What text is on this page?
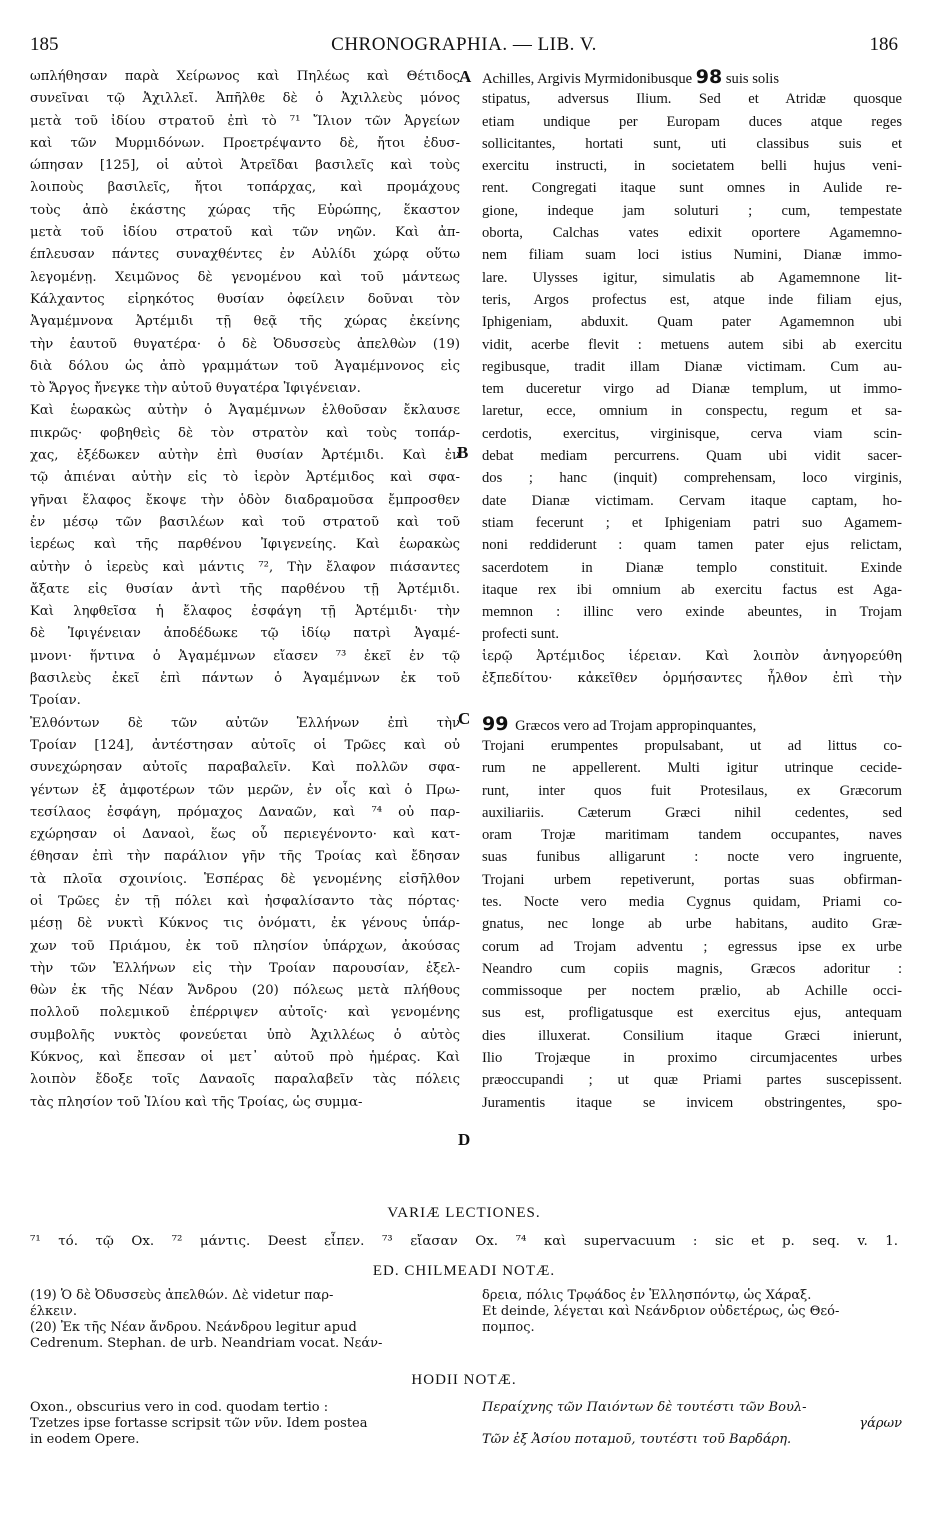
185	CHRONOGRAPHIA. — LIB. V.	186
ωπλήθησαν παρὰ Χείρωνος καὶ Πηλέως καὶ Θέτιδος
συνεῖναι τῷ Ἀχιλλεῖ. Ἀπῆλθε δὲ ὁ Ἀχιλλεὺς μόνος
μετὰ τοῦ ἰδίου στρατοῦ ἐπὶ τὸ ⁷¹ Ἴλιον τῶν Ἀργείων
καὶ τῶν Μυρμιδόνων. Προετρέψαντο δὲ, ἤτοι ἐδυσ-
ώπησαν [125], οἱ αὐτοὶ Ἀτρεῖδαι βασιλεῖς καὶ τοὺς
λοιποὺς βασιλεῖς, ἤτοι τοπάρχας, καὶ προμάχους
τοὺς ἀπὸ ἑκάστης χώρας τῆς Εὐρώπης, ἕκαστον
μετὰ τοῦ ἰδίου στρατοῦ καὶ τῶν νηῶν. Καὶ ἀπ-
έπλευσαν πάντες συναχθέντες ἐν Αὐλίδι χώρᾳ οὕτω
λεγομένῃ. Χειμῶνος δὲ γενομένου καὶ τοῦ μάντεως
Κάλχαντος εἰρηκότος θυσίαν ὀφείλειν δοῦναι τὸν
Ἀγαμέμνονα Ἀρτέμιδι τῇ θεᾷ τῆς χώρας ἐκείνης
τὴν ἑαυτοῦ θυγατέρα· ὁ δὲ Ὀδυσσεὺς ἀπελθὼν (19)
διὰ δόλου ὡς ἀπὸ γραμμάτων τοῦ Ἀγαμέμνονος εἰς
τὸ Ἄργος ἤνεγκε τὴν αὐτοῦ θυγατέρα Ἰφιγένειαν.
Καὶ ἑωρακὼς αὐτὴν ὁ Ἀγαμέμνων ἐλθοῦσαν ἔκλαυσε
πικρῶς· φοβηθεὶς δὲ τὸν στρατὸν καὶ τοὺς τοπάρ-
χας, ἐξέδωκεν αὐτὴν ἐπὶ θυσίαν Ἀρτέμιδι. Καὶ ἐν
τῷ ἀπιέναι αὐτὴν εἰς τὸ ἱερὸν Ἀρτέμιδος καὶ σφα-
γῆναι ἔλαφος ἔκοψε τὴν ὁδὸν διαδραμοῦσα ἔμπροσθεν
ἐν μέσῳ τῶν βασιλέων καὶ τοῦ στρατοῦ καὶ τοῦ
ἱερέως καὶ τῆς παρθένου Ἰφιγενείης. Καὶ ἑωρακὼς
αὐτὴν ὁ ἱερεὺς καὶ μάντις ⁷², Τὴν ἔλαφον πιάσαντες
ἄξατε εἰς θυσίαν ἀντὶ τῆς παρθένου τῇ Ἀρτέμιδι.
Καὶ ληφθεῖσα ἡ ἔλαφος ἐσφάγη τῇ Ἀρτέμιδι· τὴν
δὲ Ἰφιγένειαν ἀποδέδωκε τῷ ἰδίῳ πατρὶ Ἀγαμέ-
μνονι· ἥντινα ὁ Ἀγαμέμνων εἴασεν ⁷³ ἐκεῖ ἐν τῷ
βασιλεὺς ἐκεῖ ἐπὶ πάντων ὁ Ἀγαμέμνων ἐκ τοῦ
Τροίαν.
Ἐλθόντων δὲ τῶν αὐτῶν Ἑλλήνων ἐπὶ τὴν
Τροίαν [124], ἀντέστησαν αὐτοῖς οἱ Τρῶες καὶ οὐ
συνεχώρησαν αὐτοῖς παραβαλεῖν. Καὶ πολλῶν σφα-
γέντων ἐξ ἀμφοτέρων τῶν μερῶν, ἐν οἷς καὶ ὁ Πρω-
τεσίλαος ἐσφάγη, πρόμαχος Δαναῶν, καὶ ⁷⁴ οὐ παρ-
εχώρησαν οἱ Δαναοὶ, ἕως οὗ περιεγένοντο· καὶ κατ-
έθησαν ἐπὶ τὴν παράλιον γῆν τῆς Τροίας καὶ ἔδησαν
τὰ πλοῖα σχοινίοις. Ἑσπέρας δὲ γενομένης εἰσῆλθον
οἱ Τρῶες ἐν τῇ πόλει καὶ ἠσφαλίσαντο τὰς πόρτας·
μέσῃ δὲ νυκτὶ Κύκνος τις ὀνόματι, ἐκ γένους ὑπάρ-
χων τοῦ Πριάμου, ἐκ τοῦ πλησίον ὑπάρχων, ἀκούσας
τὴν τῶν Ἑλλήνων εἰς τὴν Τροίαν παρουσίαν, ἐξελ-
θὼν ἐκ τῆς Νέαν Ἄνδρου (20) πόλεως μετὰ πλήθους
πολλοῦ πολεμικοῦ ἐπέρριψεν αὐτοῖς· καὶ γενομένης
συμβολῆς νυκτὸς φονεύεται ὑπὸ Ἀχιλλέως ὁ αὐτὸς
Κύκνος, καὶ ἔπεσαν οἱ μετ᾽ αὐτοῦ πρὸ ἡμέρας. Καὶ
λοιπὸν ἔδοξε τοῖς Δαναοῖς παραλαβεῖν τὰς πόλεις
τὰς πλησίον τοῦ Ἰλίου καὶ τῆς Τροίας, ὡς συμμα-
Achilles, Argivis Myrmidonibusque 98 suis solis
stipatus, adversus Ilium. Sed et Atridæ quosque
etiam undique per Europam duces atque reges
sollicitantes, hortati sunt, uti classibus suis et
exercitu instructi, in societatem belli hujus veni-
rent. Congregati itaque sunt omnes in Aulide re-
gione, indeque jam soluturi ; cum, tempestate
oborta, Calchas vates edixit oportere Agamemno-
nem filiam suam loci istius Numini, Dianæ immo-
lare. Ulysses igitur, simulatis ab Agamemnone lit-
teris, Argos profectus est, atque inde filiam ejus,
Iphigeniam, abduxit. Quam pater Agamemnon ubi
vidit, acerbe flevit : metuens autem sibi ab exercitu
regibusque, tradit illam Dianæ victimam. Cum au-
tem duceretur virgo ad Dianæ templum, ut immo-
laretur, ecce, omnium in conspectu, regum et sa-
cerdotis, exercitus, virginisque, cerva viam scin-
debat mediam percurrens. Quam ubi vidit sacer-
dos ; hanc (inquit) comprehensam, loco virginis,
date Dianæ victimam. Cervam itaque captam, ho-
stiam fecerunt ; et Iphigeniam patri suo Agamem-
noni reddiderunt : quam tamen pater ejus relictam,
sacerdotem in Dianæ templo constituit. Exinde
itaque rex ibi omnium ab exercitu factus est Aga-
memnon : illinc vero exinde abeuntes, in Trojam
profecti sunt.
ἱερῷ Ἀρτέμιδος ἱέρειαν. Καὶ λοιπὸν ἀνηγορεύθη
ἐξπεδίτου· κἀκεῖθεν ὁρμήσαντες ἦλθον ἐπὶ τὴν
99 Græcos vero ad Trojam appropinquantes,
Trojani erumpentes propulsabant, ut ad littus co-
rum ne appellerent. Multi igitur utrinque cecide-
runt, inter quos fuit Protesilaus, ex Græcorum
auxiliariis. Cæterum Græci nihil cedentes, sed
oram Trojæ maritimam tandem occupantes, naves
suas funibus alligarunt : nocte vero ingruente,
Trojani urbem repetiverunt, portas suas obfirman-
tes. Nocte vero media Cygnus quidam, Priami co-
gnatus, nec longe ab urbe habitans, audito Græ-
corum ad Trojam adventu ; egressus ipse ex urbe
Neandro cum copiis magnis, Græcos adoritur :
commissoque per noctem prælio, ab Achille occi-
sus est, profligatusque est exercitus ejus, antequam
dies illuxerat. Consilium itaque Græci inierunt,
Ilio Trojæque in proximo circumjacentes urbes
præoccupandi ; ut quæ Priami partes suscepissent.
Juramentis itaque se invicem obstringentes, spo-
A
B
C
D
VARIÆ LECTIONES.
⁷¹ τό. τῷ Ox. ⁷² μάντις. Deest εἶπεν. ⁷³ εἴασαν Ox. ⁷⁴ καὶ supervacuum : sic et p. seq. v. 1.
ED. CHILMEADI NOTÆ.
(19) Ὁ δὲ Ὀδυσσεὺς ἀπελθών. Δὲ videtur παρ-
έλκειν.
(20) Ἐκ τῆς Νέαν ἄνδρου. Νεάνδρου legitur apud
Cedrenum. Stephan. de urb. Neandriam vocat. Νεάν-
δρεια, πόλις Τρῳάδος ἐν Ἑλλησπόντῳ, ὡς Χάραξ.
Et deinde, λέγεται καὶ Νεάνδριον οὐδετέρως, ὡς Θεό-
πομπος.
HODII NOTÆ.
Oxon., obscurius vero in cod. quodam tertio :
Tzetzes ipse fortasse scripsit τῶν νῦν. Idem postea
in eodem Opere.
Περαίχνης τῶν Παιόντων δὲ τουτέστι τῶν Βουλ-
γάρων
Τῶν ἐξ Ἀσίου ποταμοῦ, τουτέστι τοῦ Βαρδάρη.
